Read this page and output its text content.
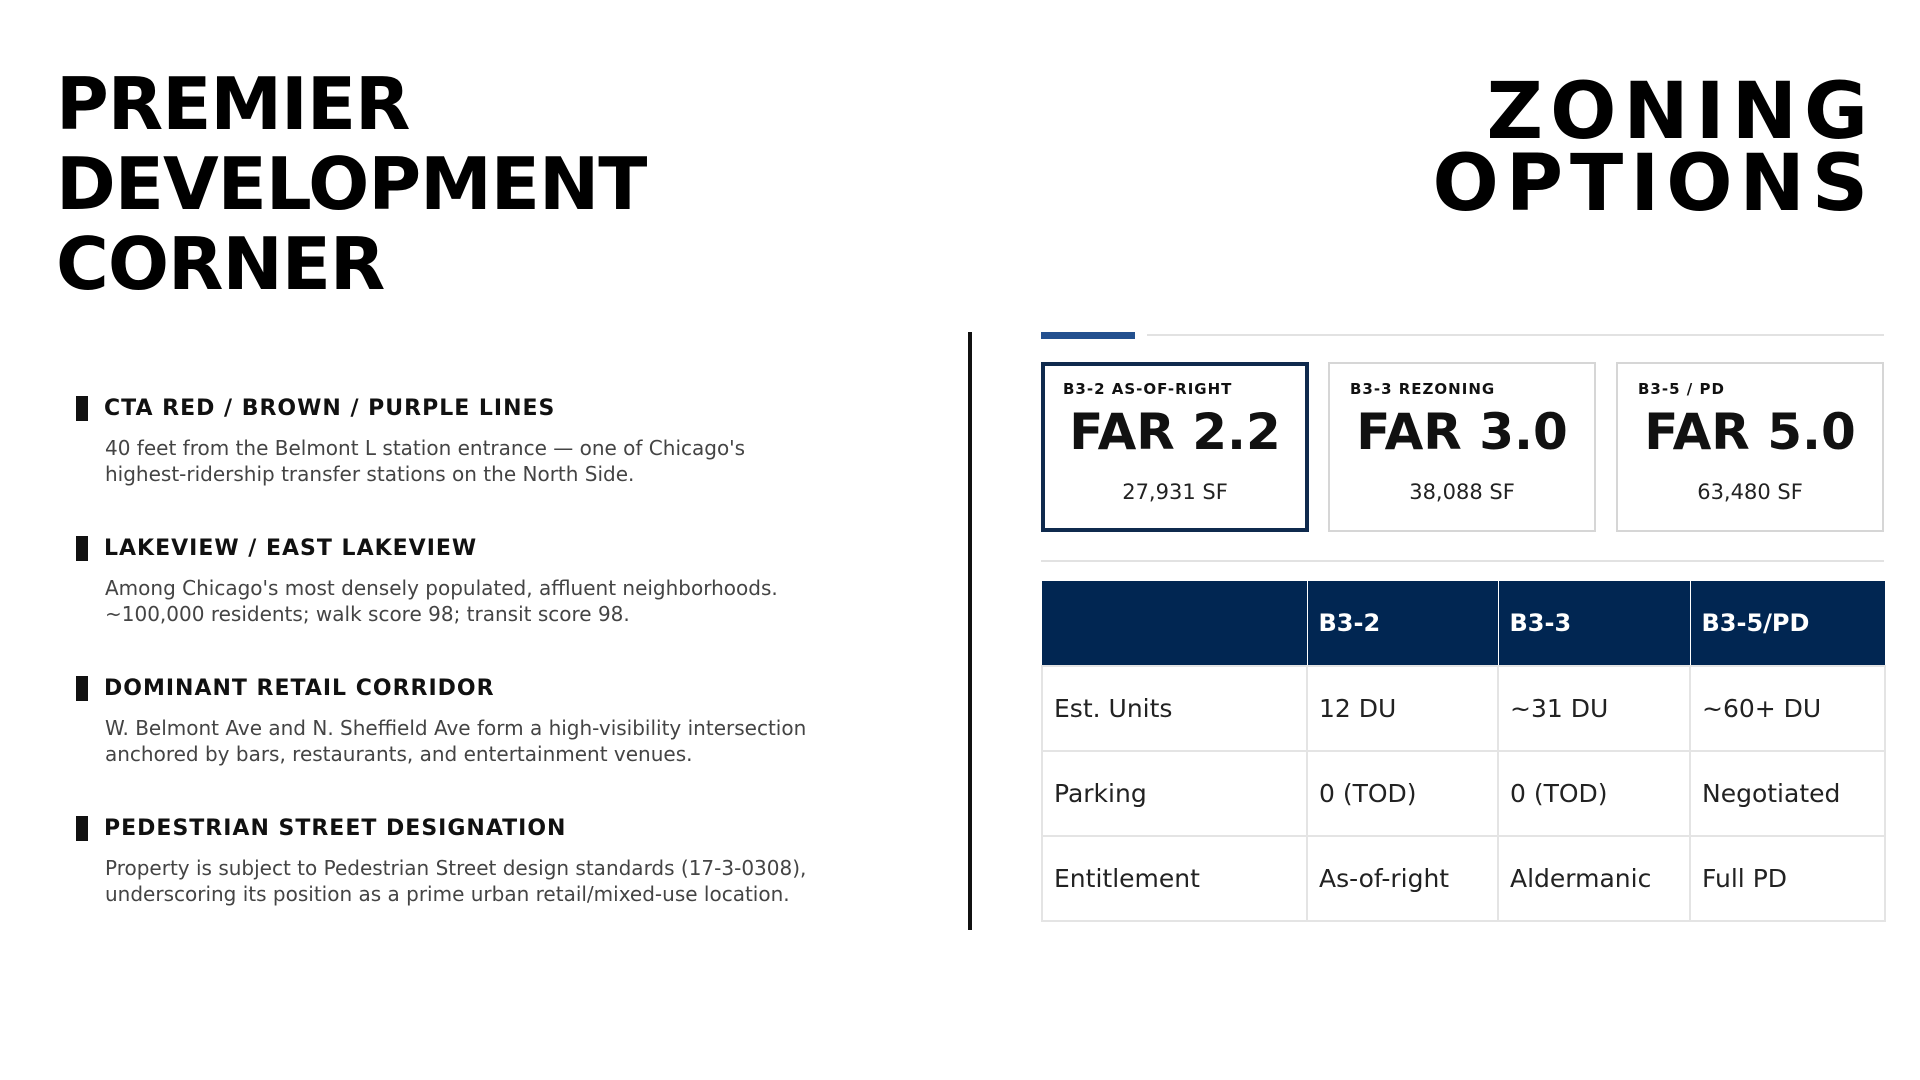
PREMIER
DEVELOPMENT
CORNER
ZONING
OPTIONS
CTA RED / BROWN / PURPLE LINES
40 feet from the Belmont L station entrance — one of Chicago's
highest-ridership transfer stations on the North Side.
LAKEVIEW / EAST LAKEVIEW
Among Chicago's most densely populated, affluent neighborhoods.
~100,000 residents; walk score 98; transit score 98.
DOMINANT RETAIL CORRIDOR
W. Belmont Ave and N. Sheffield Ave form a high-visibility intersection
anchored by bars, restaurants, and entertainment venues.
PEDESTRIAN STREET DESIGNATION
Property is subject to Pedestrian Street design standards (17-3-0308),
underscoring its position as a prime urban retail/mixed-use location.
B3-2 AS-OF-RIGHT
FAR 2.2
27,931 SF
B3-3 REZONING
FAR 3.0
38,088 SF
B3-5 / PD
FAR 5.0
63,480 SF
	B3-2	B3-3	B3-5/PD
Est. Units	12 DU	~31 DU	~60+ DU
Parking	0 (TOD)	0 (TOD)	Negotiated
Entitlement	As-of-right	Aldermanic	Full PD
